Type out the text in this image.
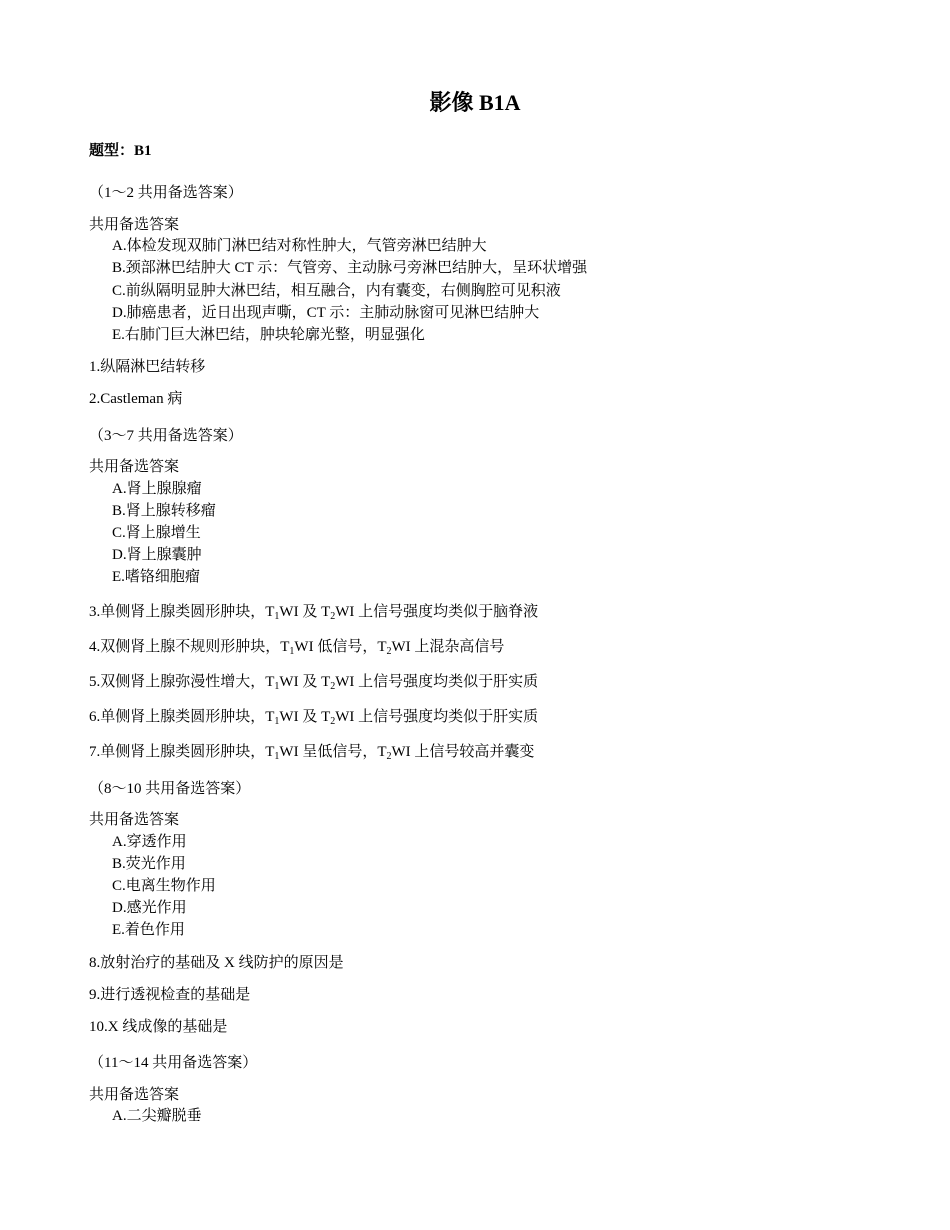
影像 B1A
题型：B1
（1～2 共用备选答案）
共用备选答案
A.体检发现双肺门淋巴结对称性肿大，气管旁淋巴结肿大
B.颈部淋巴结肿大 CT 示：气管旁、主动脉弓旁淋巴结肿大，呈环状增强
C.前纵隔明显肿大淋巴结，相互融合，内有囊变，右侧胸腔可见积液
D.肺癌患者，近日出现声嘶，CT 示：主肺动脉窗可见淋巴结肿大
E.右肺门巨大淋巴结，肿块轮廓光整，明显强化
1.纵隔淋巴结转移
2.Castleman 病
（3～7 共用备选答案）
共用备选答案
A.肾上腺腺瘤
B.肾上腺转移瘤
C.肾上腺增生
D.肾上腺囊肿
E.嗜铬细胞瘤
3.单侧肾上腺类圆形肿块，$T_1WI$ 及 $T_2WI$ 上信号强度均类似于脑脊液
4.双侧肾上腺不规则形肿块，$T_1WI$ 低信号，$T_2WI$ 上混杂高信号
5.双侧肾上腺弥漫性增大，$T_1WI$ 及 $T_2WI$ 上信号强度均类似于肝实质
6.单侧肾上腺类圆形肿块，$T_1WI$ 及 $T_2WI$ 上信号强度均类似于肝实质
7.单侧肾上腺类圆形肿块，$T_1WI$ 呈低信号，$T_2WI$ 上信号较高并囊变
（8～10 共用备选答案）
共用备选答案
A.穿透作用
B.荧光作用
C.电离生物作用
D.感光作用
E.着色作用
8.放射治疗的基础及 X 线防护的原因是
9.进行透视检查的基础是
10.X 线成像的基础是
（11～14 共用备选答案）
共用备选答案
A.二尖瓣脱垂
